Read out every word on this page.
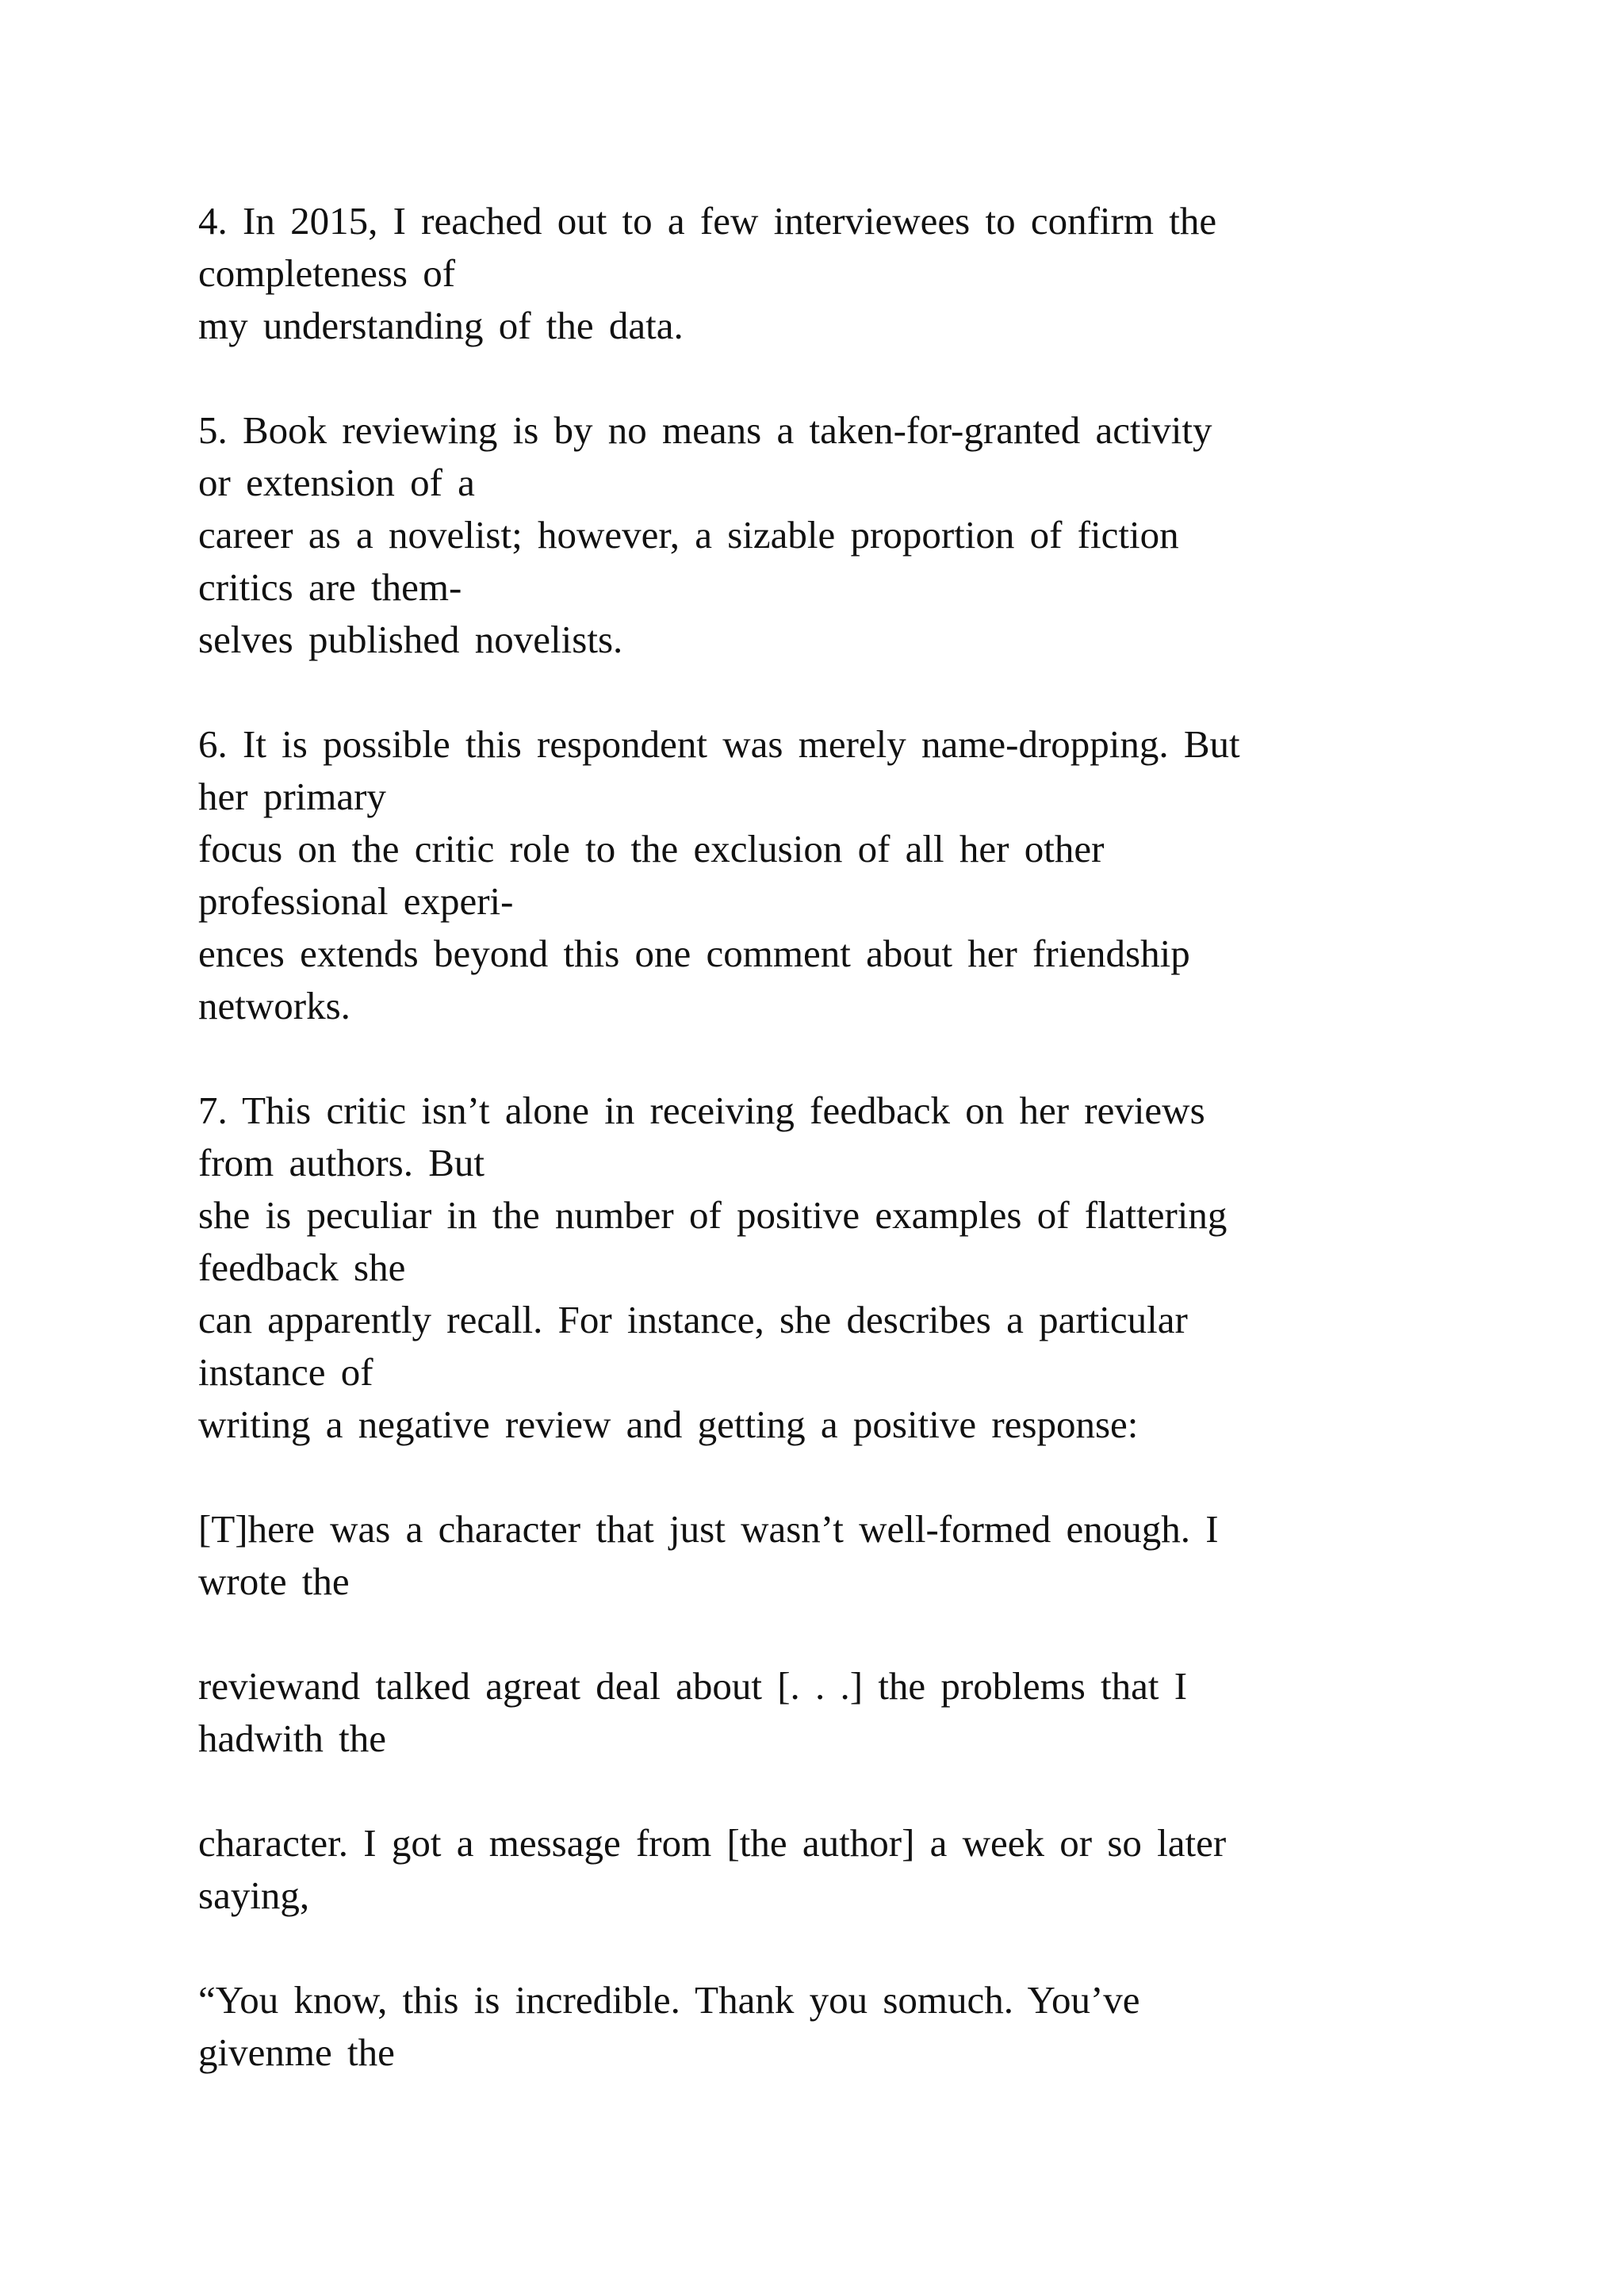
4. In 2015, I reached out to a few interviewees to confirm the
completeness of
my understanding of the data.
5. Book reviewing is by no means a taken-for-granted activity
or extension of a
career as a novelist; however, a sizable proportion of fiction
critics are them-
selves published novelists.
6. It is possible this respondent was merely name-dropping. But
her primary
focus on the critic role to the exclusion of all her other
professional experi-
ences extends beyond this one comment about her friendship
networks.
7. This critic isn’t alone in receiving feedback on her reviews
from authors. But
she is peculiar in the number of positive examples of flattering
feedback she
can apparently recall. For instance, she describes a particular
instance of
writing a negative review and getting a positive response:
[T]here was a character that just wasn’t well-formed enough. I
wrote the
reviewand talked agreat deal about [. . .] the problems that I
hadwith the
character. I got a message from [the author] a week or so later
saying,
“You know, this is incredible. Thank you somuch. You’ve
givenme the
